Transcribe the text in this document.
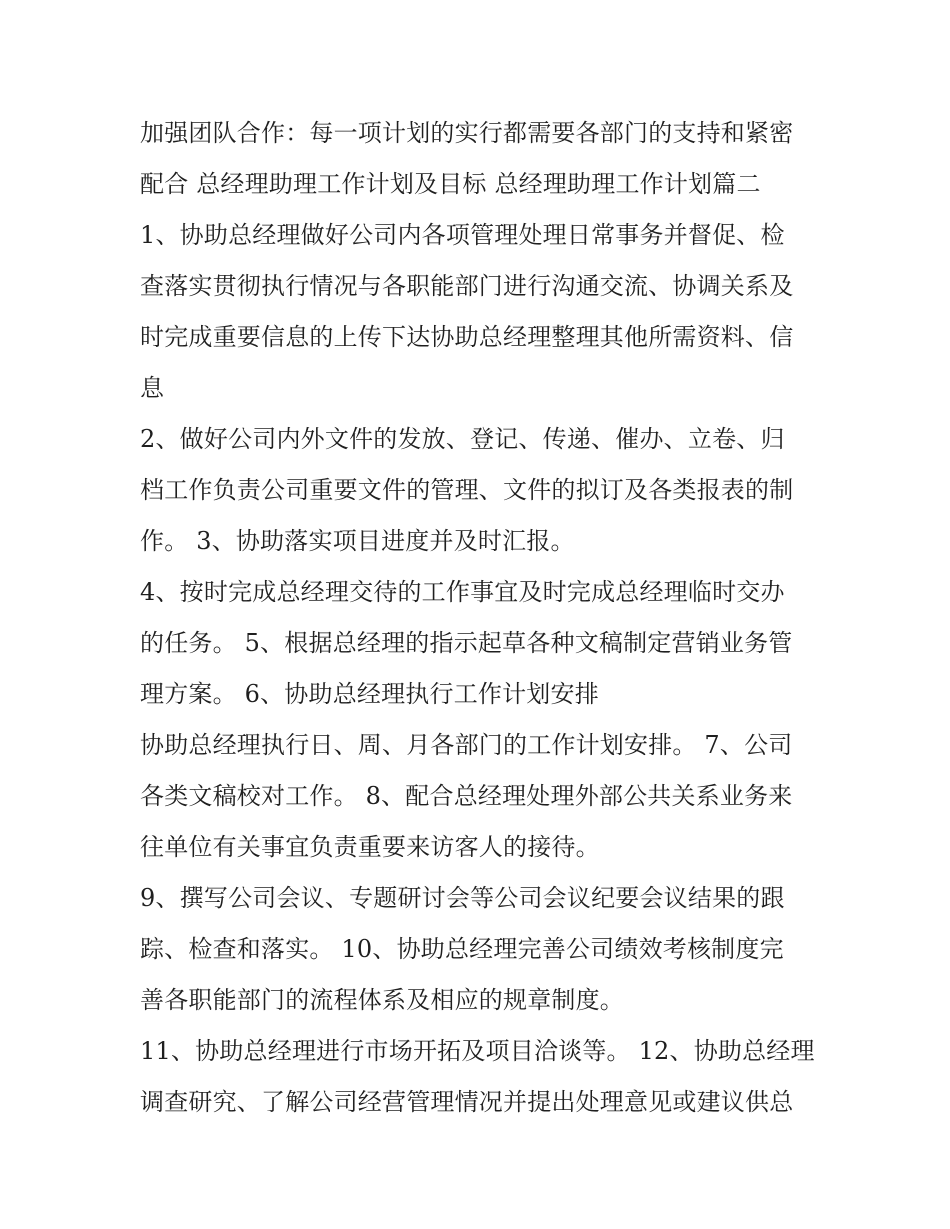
加强团队合作：每一项计划的实行都需要各部门的支持和紧密
配合 总经理助理工作计划及目标 总经理助理工作计划篇二
1、协助总经理做好公司内各项管理处理日常事务并督促、检
查落实贯彻执行情况与各职能部门进行沟通交流、协调关系及
时完成重要信息的上传下达协助总经理整理其他所需资料、信
息
2、做好公司内外文件的发放、登记、传递、催办、立卷、归
档工作负责公司重要文件的管理、文件的拟订及各类报表的制
作。 3、协助落实项目进度并及时汇报。
4、按时完成总经理交待的工作事宜及时完成总经理临时交办
的任务。 5、根据总经理的指示起草各种文稿制定营销业务管
理方案。 6、协助总经理执行工作计划安排
协助总经理执行日、周、月各部门的工作计划安排。 7、公司
各类文稿校对工作。 8、配合总经理处理外部公共关系业务来
往单位有关事宜负责重要来访客人的接待。
9、撰写公司会议、专题研讨会等公司会议纪要会议结果的跟
踪、检查和落实。 10、协助总经理完善公司绩效考核制度完
善各职能部门的流程体系及相应的规章制度。
11、协助总经理进行市场开拓及项目洽谈等。 12、协助总经理
调查研究、了解公司经营管理情况并提出处理意见或建议供总
